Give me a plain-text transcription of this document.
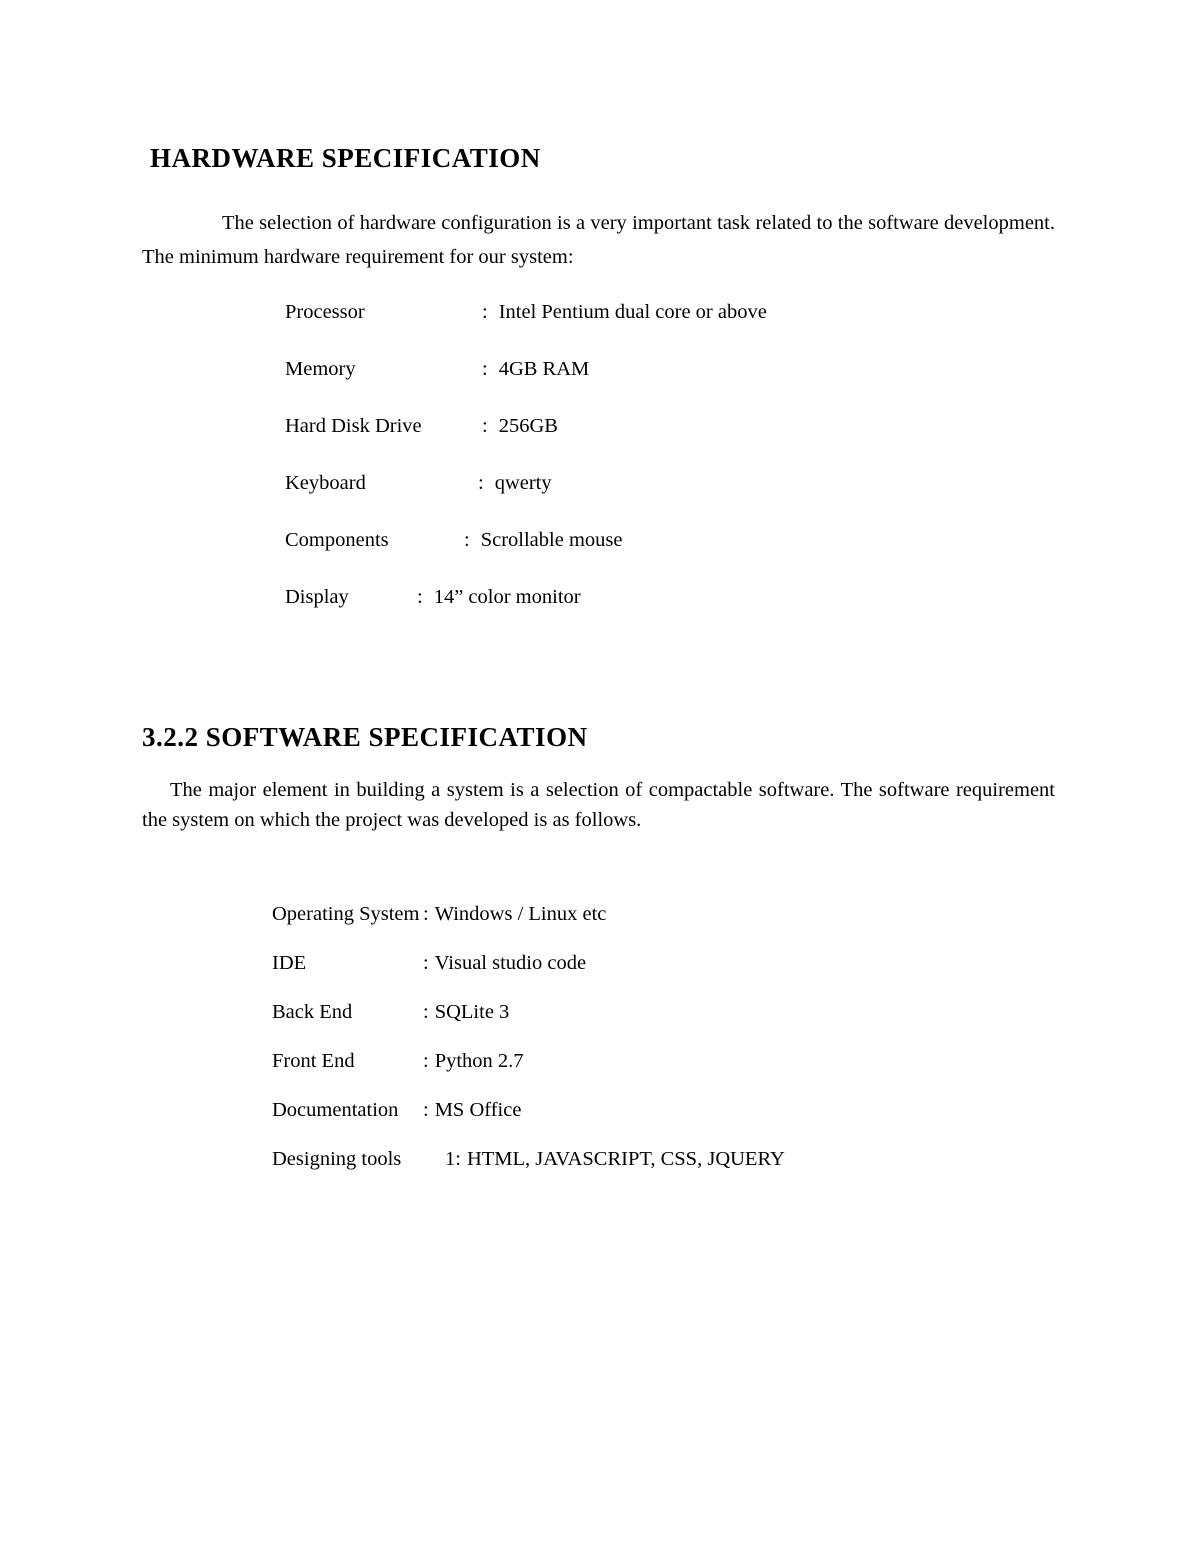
HARDWARE SPECIFICATION

The selection of hardware configuration is a very important task related to the software development. The minimum hardware requirement for our system:

Processor	: Intel Pentium dual core or above
Memory	: 4GB RAM
Hard Disk Drive	: 256GB
Keyboard	: qwerty
Components	: Scrollable mouse
Display	: 14” color monitor
3.2.2 SOFTWARE SPECIFICATION

The major element in building a system is a selection of compactable software. The software requirement the system on which the project was developed is as follows.

Operating System : Windows / Linux etc
IDE	: Visual studio code
Back End	: SQLite 3
Front End	: Python 2.7
Documentation : MS Office
Designing tools 1: HTML, JAVASCRIPT, CSS, JQUERY
